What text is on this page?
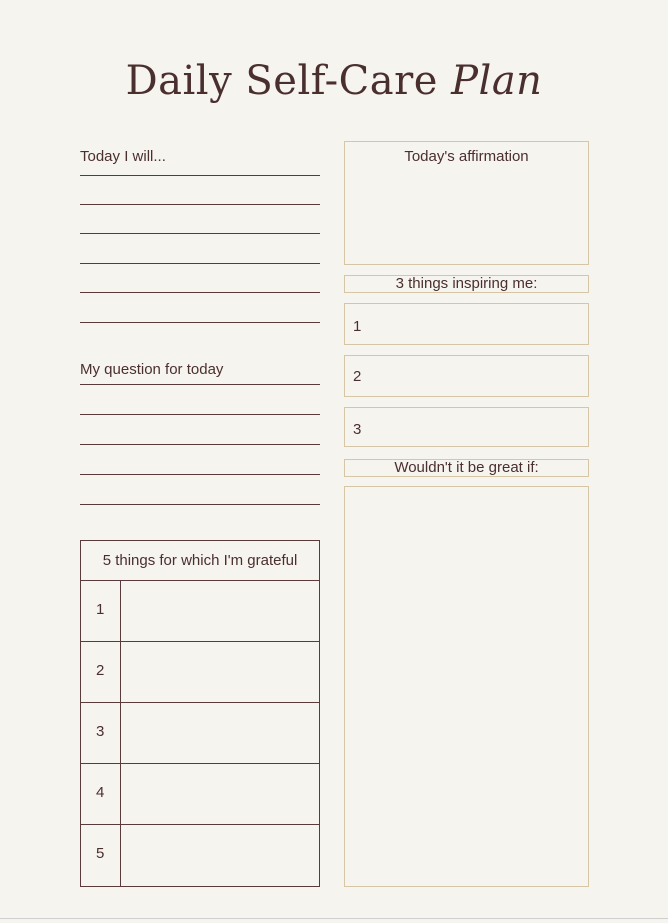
Daily Self-Care Plan
Today I will...
My question for today
5 things for which I'm grateful
1
2
3
4
5
Today's affirmation
3 things inspiring me:
1
2
3
Wouldn't it be great if:
